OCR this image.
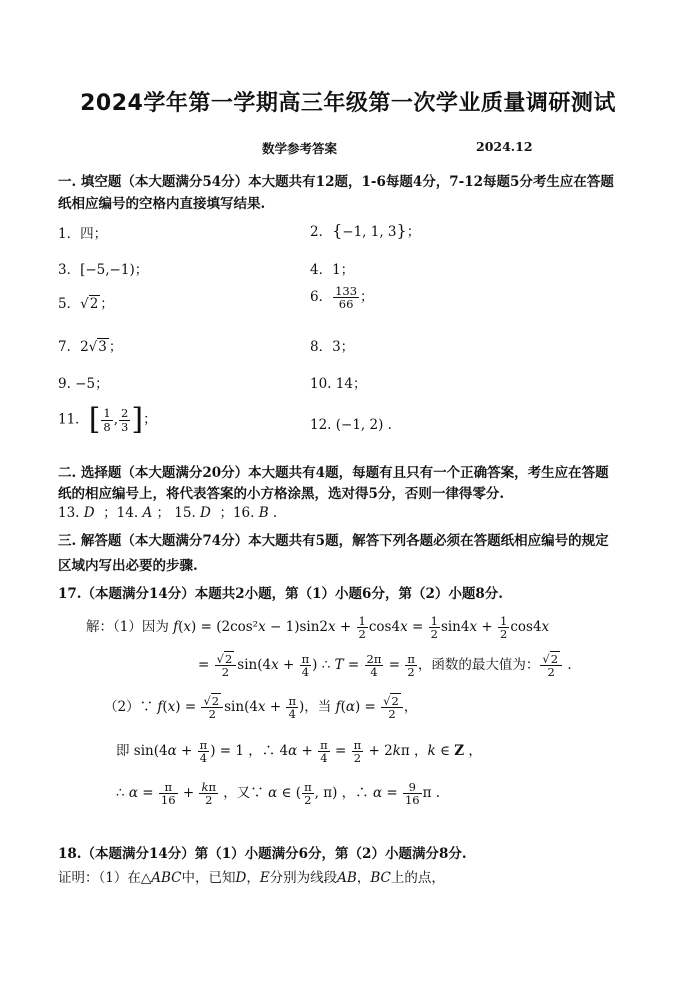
2024学年第一学期高三年级第一次学业质量调研测试
数学参考答案	2024.12
一. 填空题（本大题满分54分）本大题共有12题，1-6每题4分，7-12每题5分考生应在答题
纸相应编号的空格内直接填写结果.
1．四；	2．{−1, 1, 3}；
3．[−5,−1)；	4．1；
5．√2 ；	6． $\frac{133}{66}$ ；
7．2√3 ；	8．3；
9. −5；	10. 14；
11．[ $\frac{1}{8}$ , $\frac{2}{3}$ ]；	12. (−1, 2) .
二. 选择题（本大题满分20分）本大题共有4题，每题有且只有一个正确答案，考生应在答题
纸的相应编号上，将代表答案的小方格涂黑，选对得5分，否则一律得零分.
13. D  ；14. A ； 15. D  ；16. B .
三. 解答题（本大题满分74分）本大题共有5题，解答下列各题必须在答题纸相应编号的规定
区域内写出必要的步骤.
17.（本题满分14分）本题共2小题，第（1）小题6分，第（2）小题8分.
解：（1）因为 $f(x) = (2\cos^2x - 1)\sin 2x + \frac{1}{2} \cos 4x = \frac{1}{2} \sin 4x + \frac{1}{2} \cos 4x$
= $\frac{√2}{2} \sin(4x + \frac{\pi}{4}$ ) ∴ $T = \frac{2\pi}{4} = \frac{\pi}{2}$ ，函数的最大值为： $\frac{√2}{2}$ .
（2）∵ $f(x) = \frac{√2}{2} \sin(4x + \frac{\pi}{4}$ )，当 $f(\alpha) = \frac{√2}{2}$ ，
即 $\sin(4\alpha + \frac{\pi}{4}$ ) = 1 ，∴ $4\alpha + \frac{\pi}{4} = \frac{\pi}{2} + 2k\pi$ ，k ∈ Z ，
∴ $\alpha = \frac{\pi}{16} + \frac{k\pi}{2}$ ，又∵ α ∈ ( $\frac{\pi}{2}$ , π) ，∴ $\alpha = \frac{9}{16}$ π .
18.（本题满分14分）第（1）小题满分6分，第（2）小题满分8分.
证明：（1）在△ABC中，已知D，E分别为线段AB，BC上的点，
